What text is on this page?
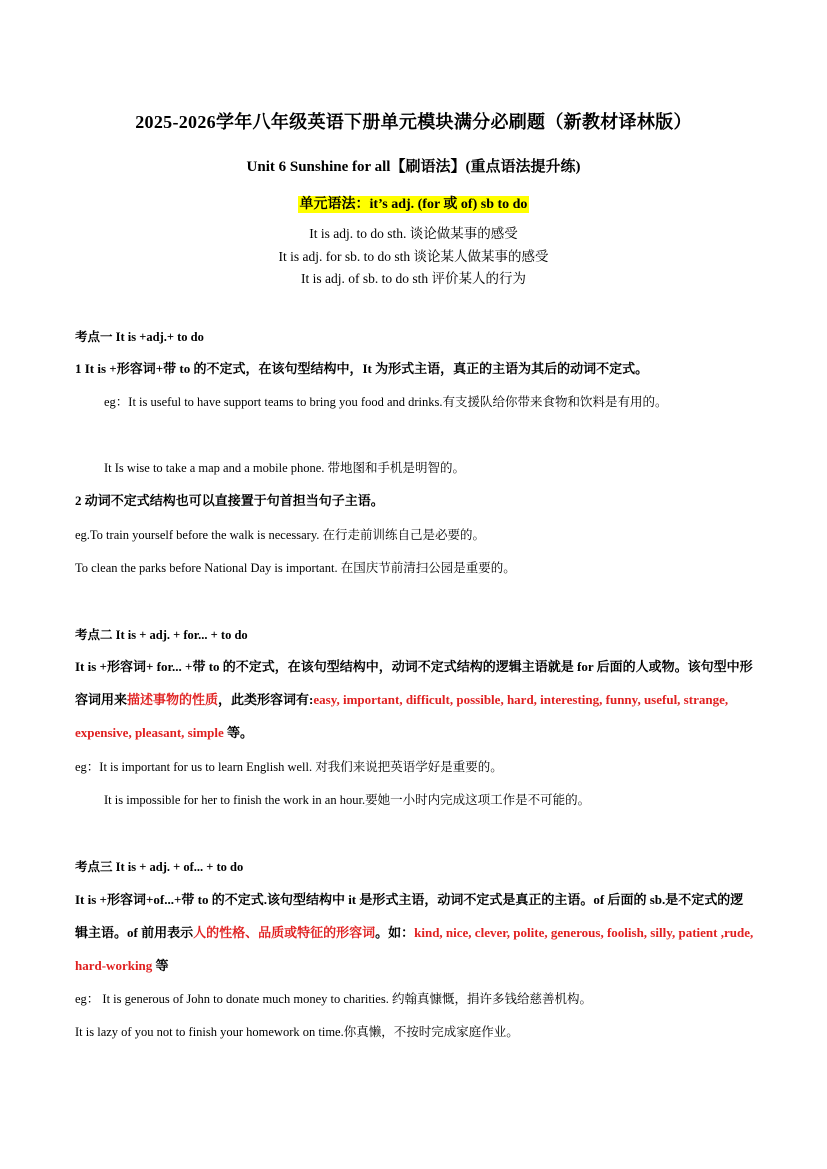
2025-2026学年八年级英语下册单元模块满分必刷题（新教材译林版）
Unit 6 Sunshine for all【刷语法】(重点语法提升练)
单元语法：it’s adj. (for 或 of) sb to do
It is adj. to do sth. 谈论做某事的感受
It is adj. for sb. to do sth 谈论某人做某事的感受
It is adj. of sb. to do sth 评价某人的行为
考点一 It is +adj.+ to do
1 It is +形容词+带 to 的不定式，在该句型结构中，It 为形式主语，真正的主语为其后的动词不定式。
eg：It is useful to have support teams to bring you food and drinks.有支援队给你带来食物和饮料是有用的。
It Is wise to take a map and a mobile phone. 带地图和手机是明智的。
2 动词不定式结构也可以直接置于句首担当句子主语。
eg.To train yourself before the walk is necessary. 在行走前训练自己是必要的。
To clean the parks before National Day is important. 在国庆节前清扫公园是重要的。
考点二 It is + adj. + for... + to do
It is +形容词+ for... +带 to 的不定式，在该句型结构中，动词不定式结构的逻辑主语就是 for 后面的人或物。该句型中形容词用来描述事物的性质，此类形容词有:easy, important, difficult, possible, hard, interesting, funny, useful, strange, expensive, pleasant, simple 等。
eg：It is important for us to learn English well. 对我们来说把英语学好是重要的。
It is impossible for her to finish the work in an hour.要她一小时内完成这项工作是不可能的。
考点三 It is + adj. + of... + to do
It is +形容词+of...+带 to 的不定式.该句型结构中 it 是形式主语，动词不定式是真正的主语。of 后面的 sb.是不定式的逻辑主语。of 前用表示人的性格、品质或特征的形容词。如：kind, nice, clever, polite, generous, foolish, silly, patient ,rude, hard-working 等
eg： It is generous of John to donate much money to charities. 约翰真慷慨，捐许多钱给慈善机构。
It is lazy of you not to finish your homework on time.你真懒，不按时完成家庭作业。
